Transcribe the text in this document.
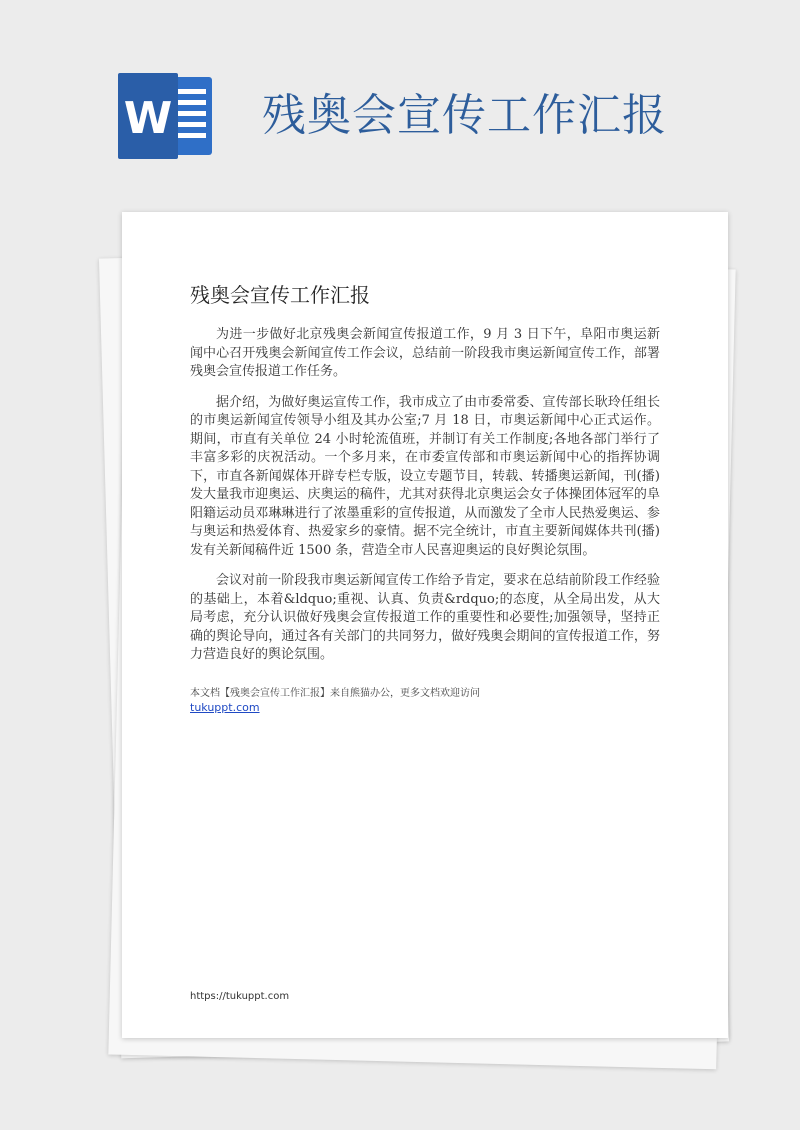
W 残奥会宣传工作汇报
残奥会宣传工作汇报

为进一步做好北京残奥会新闻宣传报道工作，9 月 3 日下午，阜阳市奥运新闻中心召开残奥会新闻宣传工作会议，总结前一阶段我市奥运新闻宣传工作，部署残奥会宣传报道工作任务。

据介绍，为做好奥运宣传工作，我市成立了由市委常委、宣传部长耿玲任组长的市奥运新闻宣传领导小组及其办公室;7 月 18 日，市奥运新闻中心正式运作。期间，市直有关单位 24 小时轮流值班，并制订有关工作制度;各地各部门举行了丰富多彩的庆祝活动。一个多月来，在市委宣传部和市奥运新闻中心的指挥协调下，市直各新闻媒体开辟专栏专版，设立专题节目，转载、转播奥运新闻，刊(播)发大量我市迎奥运、庆奥运的稿件，尤其对获得北京奥运会女子体操团体冠军的阜阳籍运动员邓琳琳进行了浓墨重彩的宣传报道，从而激发了全市人民热爱奥运、参与奥运和热爱体育、热爱家乡的豪情。据不完全统计，市直主要新闻媒体共刊(播)发有关新闻稿件近 1500 条，营造全市人民喜迎奥运的良好舆论氛围。

会议对前一阶段我市奥运新闻宣传工作给予肯定，要求在总结前阶段工作经验的基础上，本着&ldquo;重视、认真、负责&rdquo;的态度，从全局出发，从大局考虑，充分认识做好残奥会宣传报道工作的重要性和必要性;加强领导，坚持正确的舆论导向，通过各有关部门的共同努力，做好残奥会期间的宣传报道工作，努力营造良好的舆论氛围。

本文档【残奥会宣传工作汇报】来自熊猫办公，更多文档欢迎访问
tukuppt.com
https://tukuppt.com
